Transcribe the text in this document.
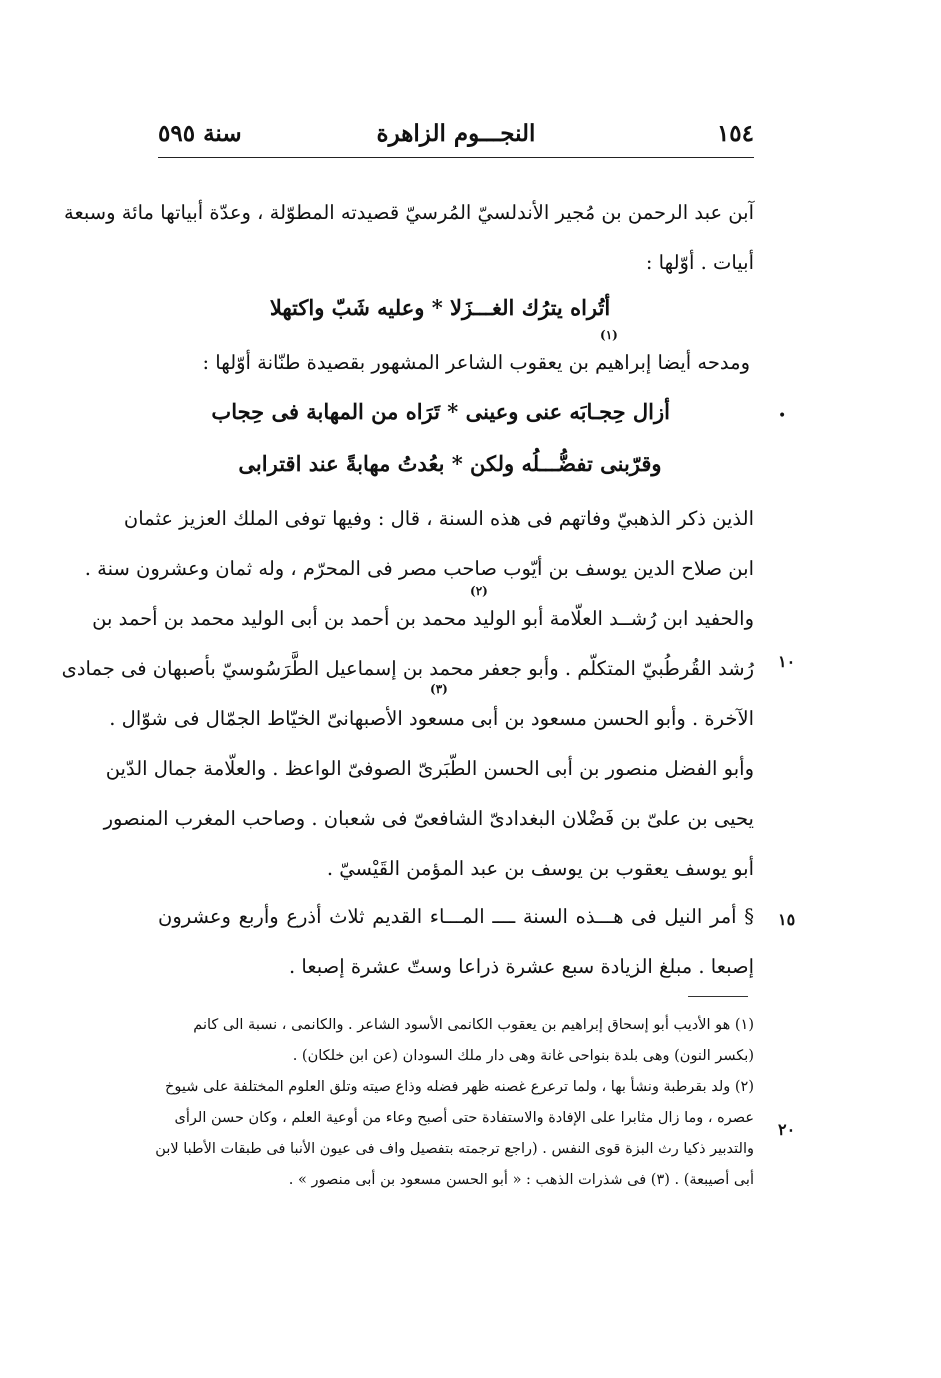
سنة ٥٩٥	النجـــوم الزاهرة	١٥٤
آبن عبد الرحمن بن مُجير الأندلسيّ المُرسيّ قصيدته المطوّلة ، وعدّة أبياتها مائة وسبعة
أبيات . أوّلها :
أتُراه يترُك الغـــزَلا * وعليه شَبّ واكتهلا
(١)
ومدحه أيضا إبراهيم بن يعقوب الشاعر المشهور بقصيدة طنّانة أوّلها :
أزال حِجـابَه عنى وعينى * تَرَاه من المهابة فى حِجاب
وقرّبنى تفضُّـــلُه ولكن * بعُدتُ مهابةً عند اقترابى
•
الذين ذكر الذهبيّ وفاتهم فى هذه السنة ، قال : وفيها توفى الملك العزيز عثمان
ابن صلاح الدين يوسف بن أيّوب صاحب مصر فى المحرّم ، وله ثمان وعشرون سنة .
والحفيد ابن رُشــد العلّامة أبو الوليد محمد بن أحمد بن أبى الوليد محمد بن أحمد بن
رُشد القُرطُبيّ المتكلّم . وأبو جعفر محمد بن إسماعيل الطَّرَسُوسيّ بأصبهان فى جمادى
الآخرة . وأبو الحسن مسعود بن أبى مسعود الأصبهانىّ الخيّاط الجمّال فى شوّال .
وأبو الفضل منصور بن أبى الحسن الطّبَرىّ الصوفىّ الواعظ . والعلّامة جمال الدّين
يحيى بن علىّ بن فَضْلان البغدادىّ الشافعىّ فى شعبان . وصاحب المغرب المنصور
أبو يوسف يعقوب بن يوسف بن عبد المؤمن القَيْسيّ .
(٢)
(٣)
١٠
§ أمر النيل فى هـــذه السنة ــــ المـــاء القديم ثلاث أذرع وأربع وعشرون
إصبعا . مبلغ الزيادة سبع عشرة ذراعا وستّ عشرة إصبعا .
١٥
(١) هو الأديب أبو إسحاق إبراهيم بن يعقوب الكانمى الأسود الشاعر . والكانمى ، نسبة الى كانم
(بكسر النون) وهى بلدة بنواحى غانة وهى دار ملك السودان (عن ابن خلكان) .
(٢) ولد بقرطبة ونشأ بها ، ولما ترعرع غصنه ظهر فضله وذاع صيته وتلق العلوم المختلفة على شيوخ
عصره ، وما زال مثابرا على الإفادة والاستفادة حتى أصبح وعاء من أوعية العلم ، وكان حسن الرأى
والتدبير ذكيا رث البزة قوى النفس . (راجع ترجمته بتفصيل واف فى عيون الأنبا فى طبقات الأطبا لابن
أبى أصيبعة) . (٣) فى شذرات الذهب : « أبو الحسن مسعود بن أبى منصور » .
٢٠
